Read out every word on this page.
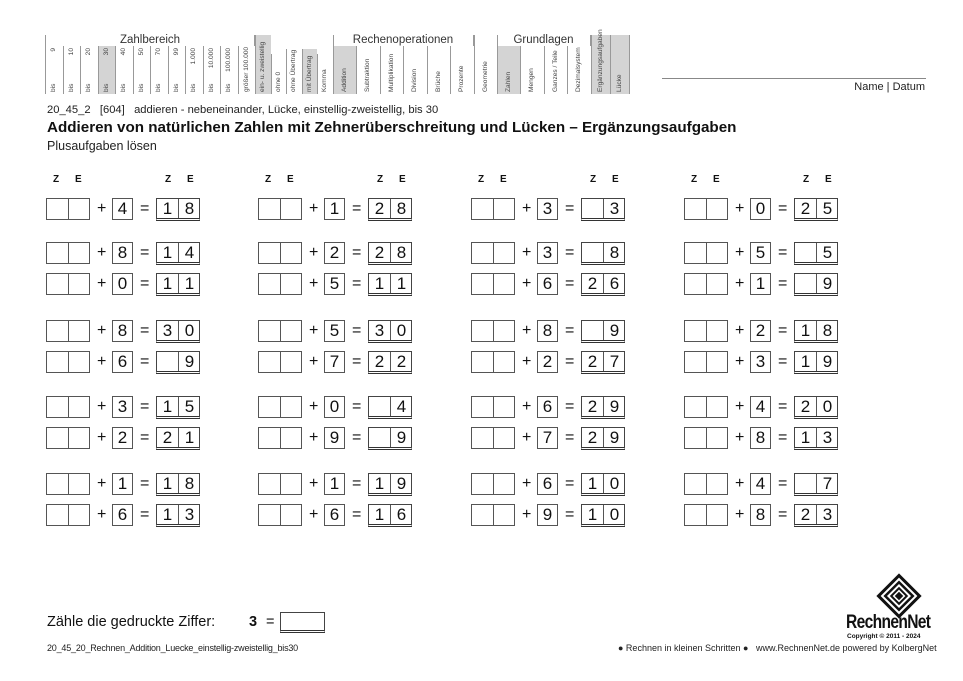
Zahlbereich
bis
9
bis
10
bis
20
bis
30
bis
40
bis
50
bis
70
bis
99
bis
1.000
bis
10.000
bis
100.000 größer 100.000 ein- u. zweistellig ohne 0 ohne Übertrag mit Übertrag Komma
Rechenoperationen
Addition	Subtraktion	Multiplikation	Division	Brüche	Prozente Geometrie
Grundlagen
Zahlen	Mengen	Ganzes / Teile	Dezimalsystem Ergänzungsaufgaben Lücke	Name | Datum
20_45_2   [604]   addieren - nebeneinander, Lücke, einstellig-zweistellig, bis 30
Addieren von natürlichen Zahlen mit Zehnerüberschreitung und Lücken – Ergänzungsaufgaben
Plusaufgaben lösen
Z E	Z E
+ 4 = 1 8
+ 8 = 1 4
+ 0 = 1 1
+ 8 = 3 0
+ 6 =	9
+ 3 = 1 5
+ 2 = 2 1
+ 1 = 1 8
+ 6 = 1 3
Z E	Z E
+ 1 = 2 8
+ 2 = 2 8
+ 5 = 1 1
+ 5 = 3 0
+ 7 = 2 2
+ 0 =	4
+ 9 =	9
+ 1 = 1 9
+ 6 = 1 6
Z E	Z E
+ 3 =	3
+ 3 =	8
+ 6 = 2 6
+ 8 =	9
+ 2 = 2 7
+ 6 = 2 9
+ 7 = 2 9
+ 6 = 1 0
+ 9 = 1 0
Z E	Z E
+ 0 = 2 5
+ 5 =	5
+ 1 =	9
+ 2 = 1 8
+ 3 = 1 9
+ 4 = 2 0
+ 8 = 1 3
+ 4 =	7
+ 8 = 2 3
Zähle die gedruckte Ziffer: 3 =
20_45_20_Rechnen_Addition_Luecke_einstellig-zweistellig_bis30	● Rechnen in kleinen Schritten ● www.RechnenNet.de powered by KolbergNet
RechnenNet
Copyright © 2011 - 2024
